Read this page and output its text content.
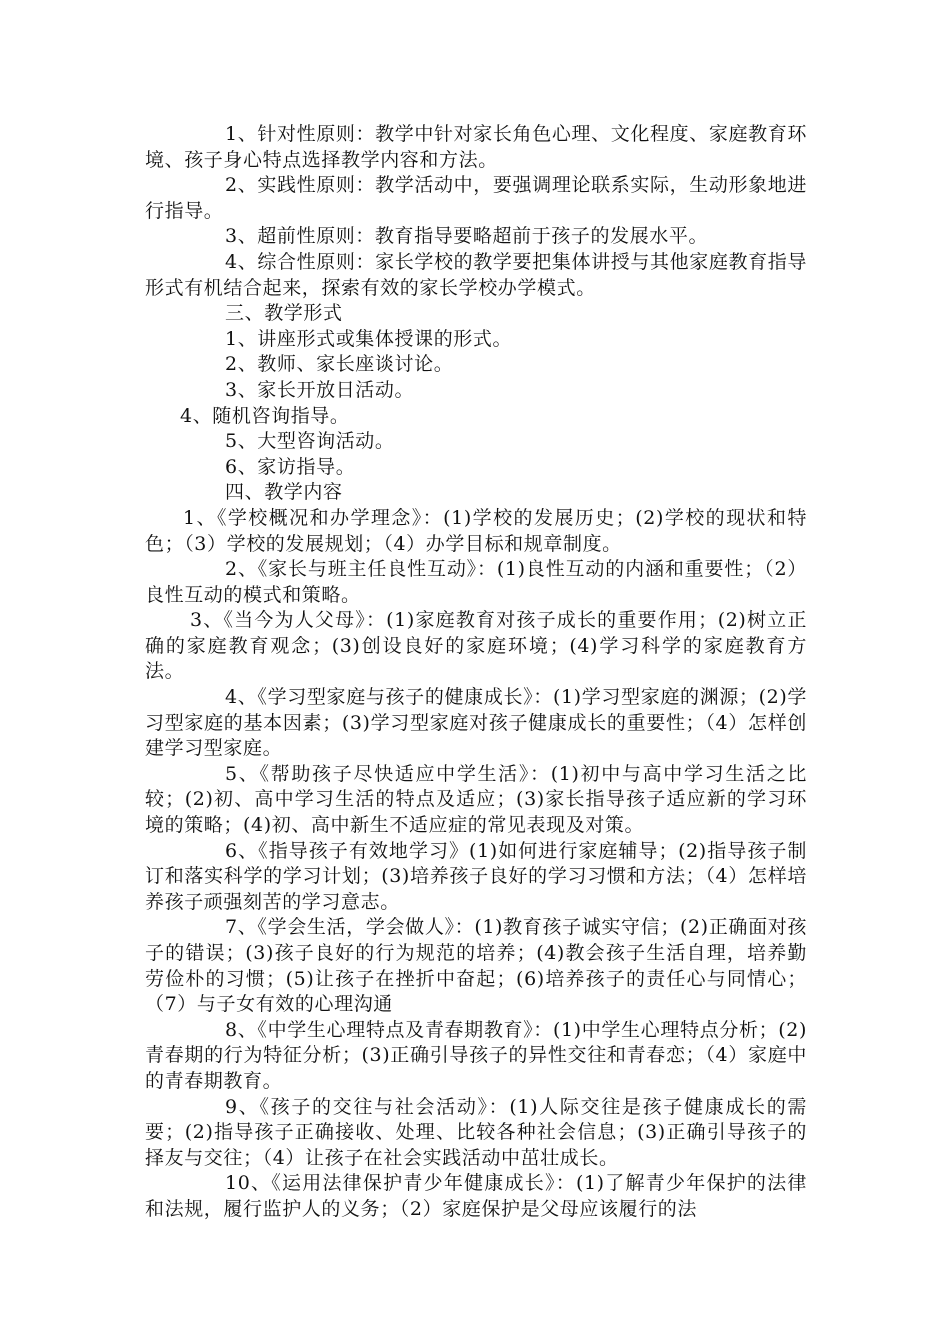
1、针对性原则：教学中针对家长角色心理、文化程度、家庭教育环境、孩子身心特点选择教学内容和方法。

2、实践性原则：教学活动中，要强调理论联系实际，生动形象地进行指导。

3、超前性原则：教育指导要略超前于孩子的发展水平。

4、综合性原则：家长学校的教学要把集体讲授与其他家庭教育指导形式有机结合起来，探索有效的家长学校办学模式。

三、教学形式

1、讲座形式或集体授课的形式。

2、教师、家长座谈讨论。

3、家长开放日活动。

4、随机咨询指导。

5、大型咨询活动。

6、家访指导。

四、教学内容

1、《学校概况和办学理念》：(1)学校的发展历史；(2)学校的现状和特色；（3）学校的发展规划；（4）办学目标和规章制度。

2、《家长与班主任良性互动》：(1)良性互动的内涵和重要性；（2）良性互动的模式和策略。

3、《当今为人父母》：(1)家庭教育对孩子成长的重要作用；(2)树立正确的家庭教育观念；(3)创设良好的家庭环境；(4)学习科学的家庭教育方法。

4、《学习型家庭与孩子的健康成长》：(1)学习型家庭的渊源；(2)学习型家庭的基本因素；(3)学习型家庭对孩子健康成长的重要性；（4）怎样创建学习型家庭。

5、《帮助孩子尽快适应中学生活》：(1)初中与高中学习生活之比较；(2)初、高中学习生活的特点及适应；(3)家长指导孩子适应新的学习环境的策略；(4)初、高中新生不适应症的常见表现及对策。

6、《指导孩子有效地学习》(1)如何进行家庭辅导；(2)指导孩子制订和落实科学的学习计划；(3)培养孩子良好的学习习惯和方法；（4）怎样培养孩子顽强刻苦的学习意志。

7、《学会生活，学会做人》：(1)教育孩子诚实守信；(2)正确面对孩子的错误；(3)孩子良好的行为规范的培养；(4)教会孩子生活自理，培养勤劳俭朴的习惯；(5)让孩子在挫折中奋起；(6)培养孩子的责任心与同情心；（7）与子女有效的心理沟通

8、《中学生心理特点及青春期教育》：(1)中学生心理特点分析；(2)青春期的行为特征分析；(3)正确引导孩子的异性交往和青春恋；（4）家庭中的青春期教育。

9、《孩子的交往与社会活动》：(1)人际交往是孩子健康成长的需要；(2)指导孩子正确接收、处理、比较各种社会信息；(3)正确引导孩子的择友与交往；（4）让孩子在社会实践活动中茁壮成长。

10、《运用法律保护青少年健康成长》：(1)了解青少年保护的法律和法规，履行监护人的义务；（2）家庭保护是父母应该履行的法
